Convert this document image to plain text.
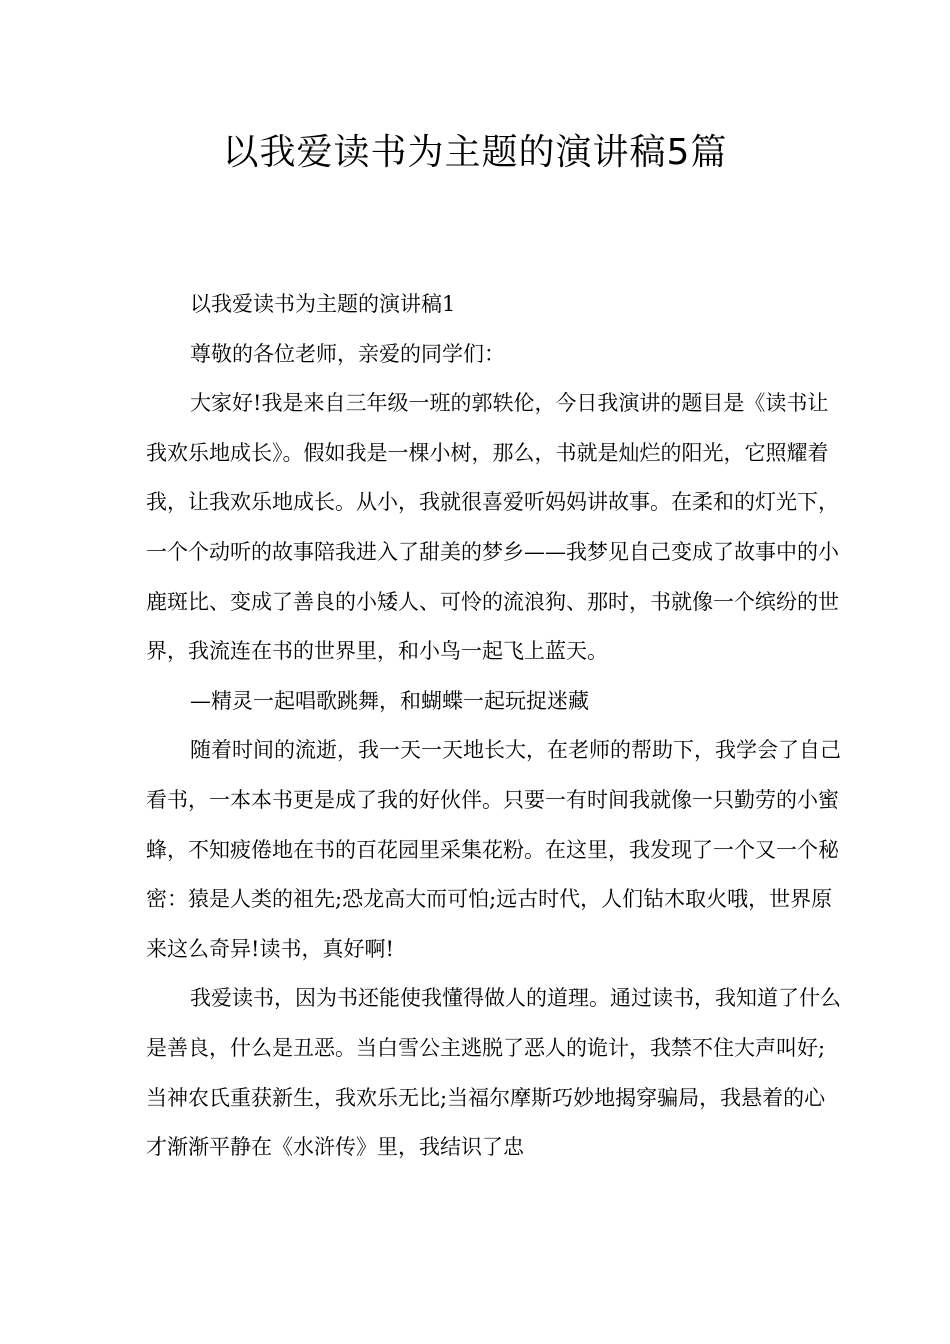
以我爱读书为主题的演讲稿5篇

以我爱读书为主题的演讲稿1

尊敬的各位老师，亲爱的同学们：

大家好!我是来自三年级一班的郭轶伦，今日我演讲的题目是《读书让我欢乐地成长》。假如我是一棵小树，那么，书就是灿烂的阳光，它照耀着我，让我欢乐地成长。从小，我就很喜爱听妈妈讲故事。在柔和的灯光下，一个个动听的故事陪我进入了甜美的梦乡——我梦见自己变成了故事中的小鹿斑比、变成了善良的小矮人、可怜的流浪狗、那时，书就像一个缤纷的世界，我流连在书的世界里，和小鸟一起飞上蓝天。

—精灵一起唱歌跳舞，和蝴蝶一起玩捉迷藏

随着时间的流逝，我一天一天地长大，在老师的帮助下，我学会了自己看书，一本本书更是成了我的好伙伴。只要一有时间我就像一只勤劳的小蜜蜂，不知疲倦地在书的百花园里采集花粉。在这里，我发现了一个又一个秘密：猿是人类的祖先;恐龙高大而可怕;远古时代，人们钻木取火哦，世界原来这么奇异!读书，真好啊!

我爱读书，因为书还能使我懂得做人的道理。通过读书，我知道了什么是善良，什么是丑恶。当白雪公主逃脱了恶人的诡计，我禁不住大声叫好;当神农氏重获新生，我欢乐无比;当福尔摩斯巧妙地揭穿骗局，我悬着的心才渐渐平静在《水浒传》里，我结识了忠
